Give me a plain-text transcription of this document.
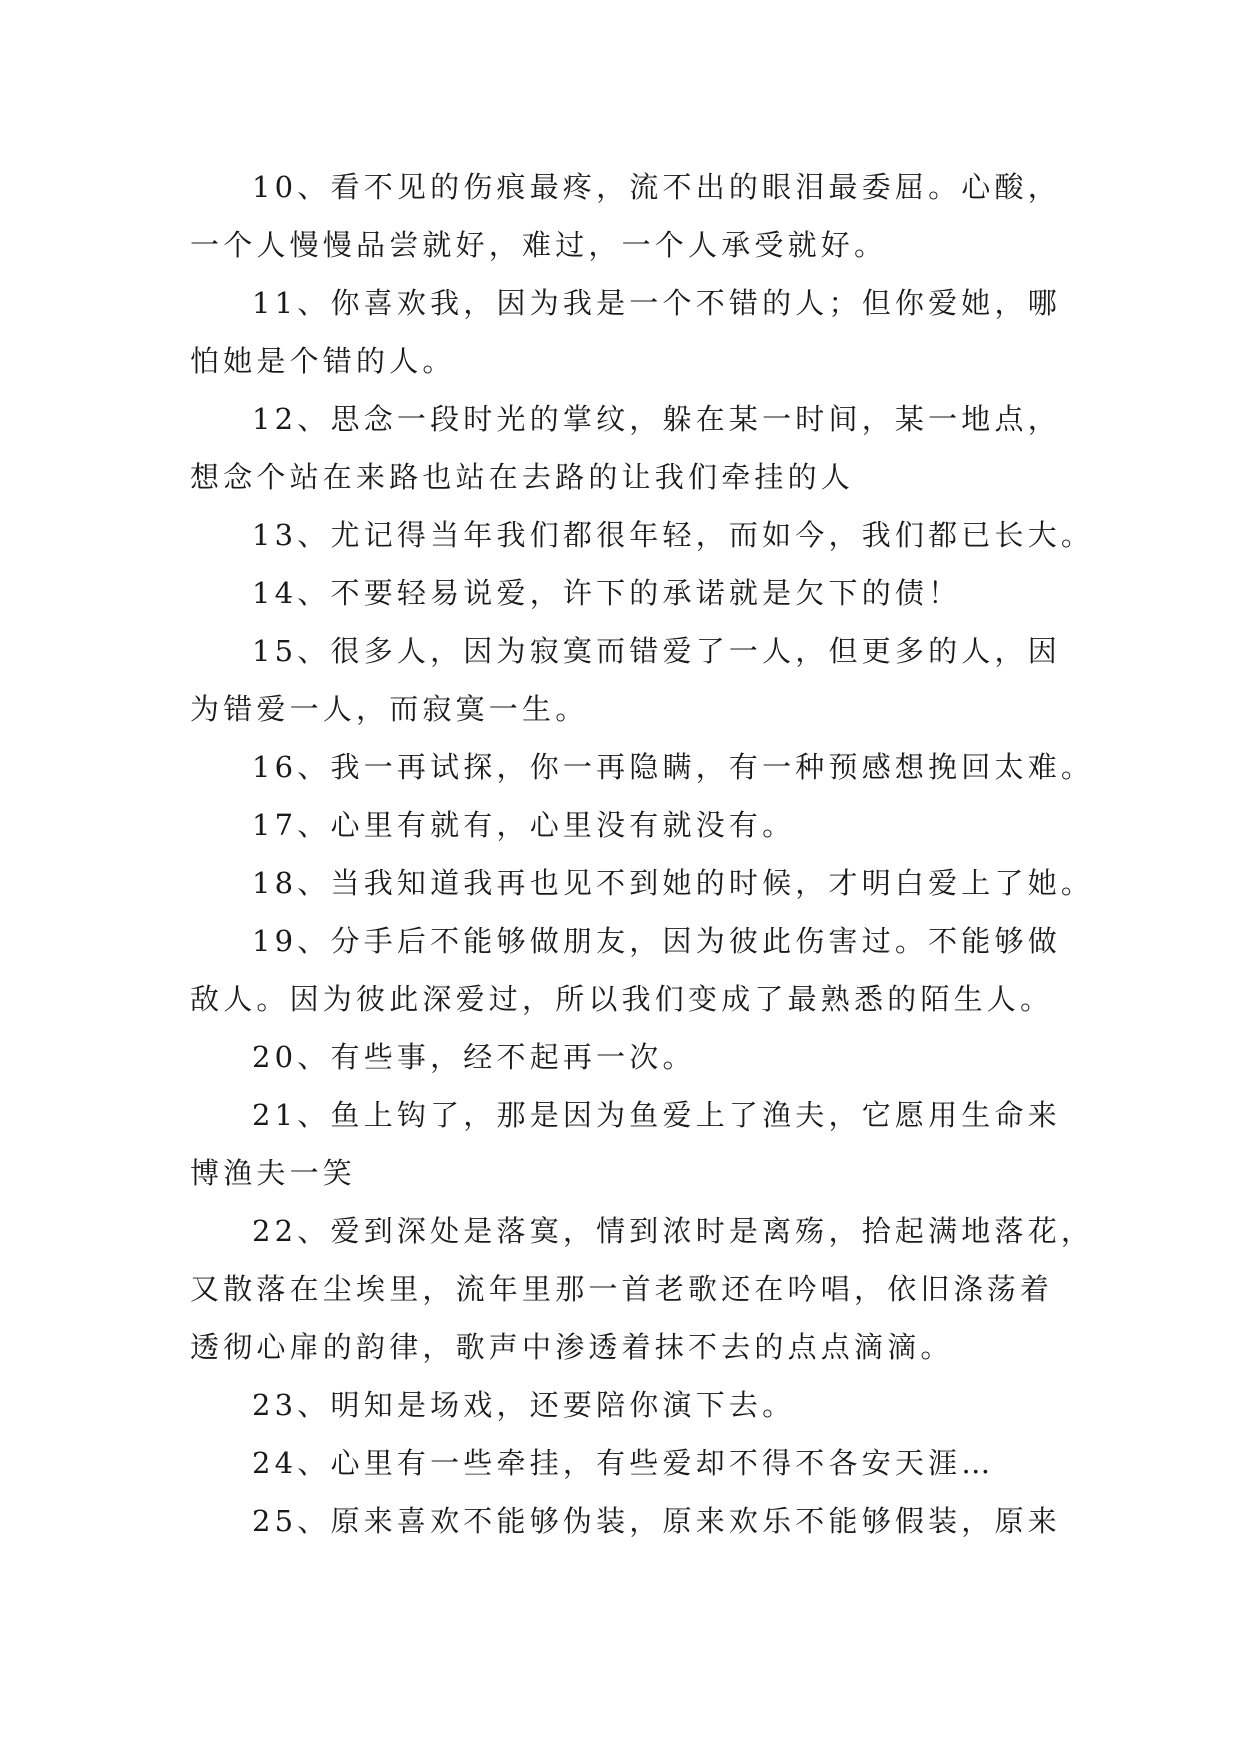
10、看不见的伤痕最疼，流不出的眼泪最委屈。心酸，
一个人慢慢品尝就好，难过，一个人承受就好。

11、你喜欢我，因为我是一个不错的人；但你爱她，哪
怕她是个错的人。

12、思念一段时光的掌纹，躲在某一时间，某一地点，
想念个站在来路也站在去路的让我们牵挂的人

13、尤记得当年我们都很年轻，而如今，我们都已长大。

14、不要轻易说爱，许下的承诺就是欠下的债！

15、很多人，因为寂寞而错爱了一人，但更多的人，因
为错爱一人，而寂寞一生。

16、我一再试探，你一再隐瞒，有一种预感想挽回太难。

17、心里有就有，心里没有就没有。

18、当我知道我再也见不到她的时候，才明白爱上了她。

19、分手后不能够做朋友，因为彼此伤害过。不能够做
敌人。因为彼此深爱过，所以我们变成了最熟悉的陌生人。

20、有些事，经不起再一次。

21、鱼上钩了，那是因为鱼爱上了渔夫，它愿用生命来
博渔夫一笑

22、爱到深处是落寞，情到浓时是离殇，拾起满地落花，
又散落在尘埃里，流年里那一首老歌还在吟唱，依旧涤荡着
透彻心扉的韵律，歌声中渗透着抹不去的点点滴滴。

23、明知是场戏，还要陪你演下去。

24、心里有一些牵挂，有些爱却不得不各安天涯…

25、原来喜欢不能够伪装，原来欢乐不能够假装，原来
